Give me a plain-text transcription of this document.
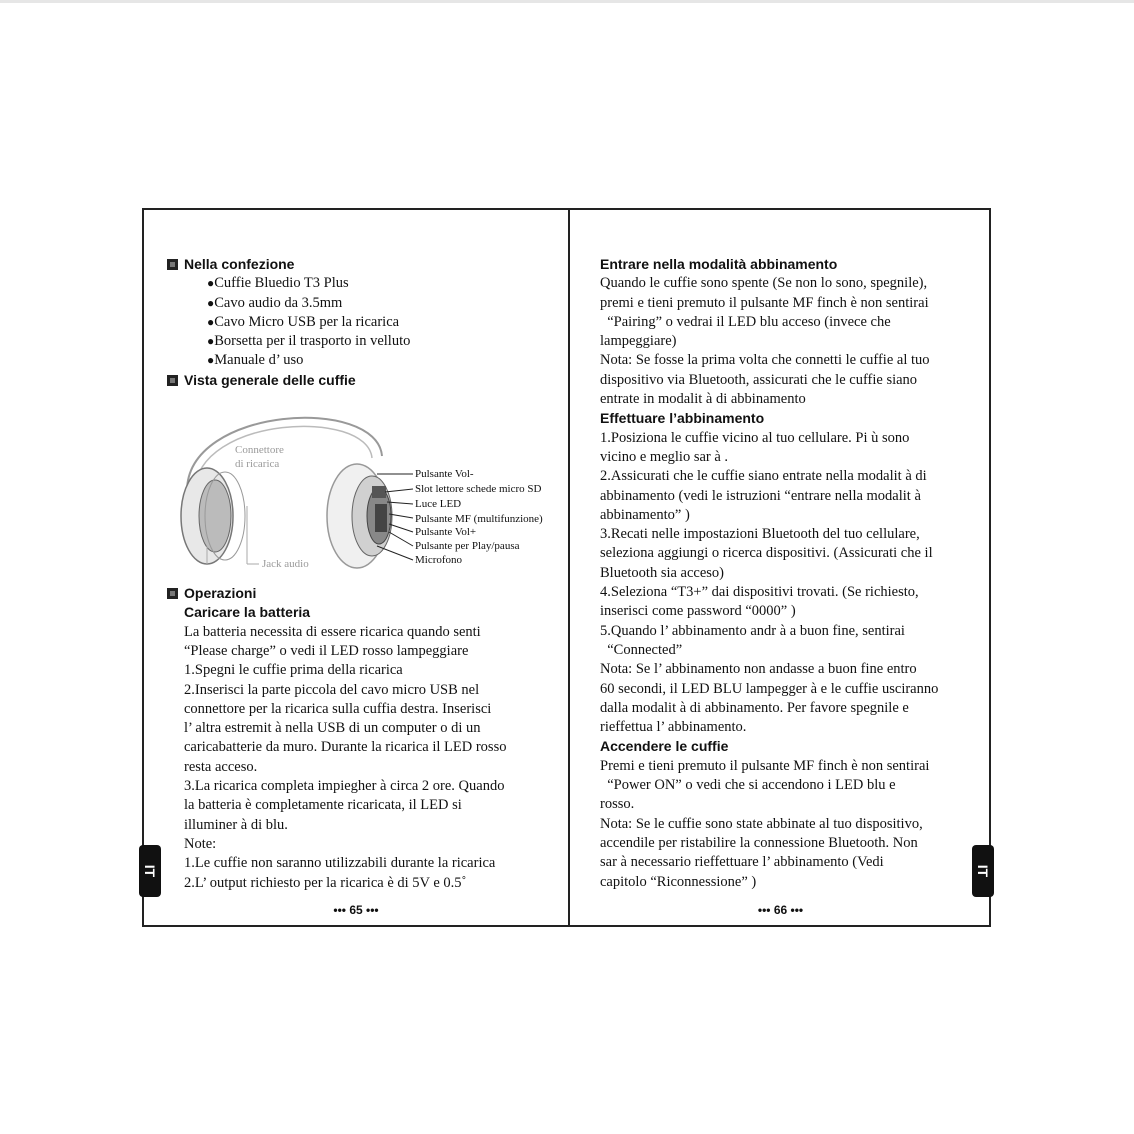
Nella confezione
●Cuffie Bluedio T3 Plus
●Cavo audio da 3.5mm
●Cavo Micro USB per la ricarica
●Borsetta per il trasporto in velluto
●Manuale d’ uso
Vista generale delle cuffie
Connettore
di ricarica
Jack audio
Pulsante Vol-
Slot lettore schede micro SD
Luce LED
Pulsante MF (multifunzione)
Pulsante Vol+
Pulsante per Play/pausa
Microfono
Operazioni
Caricare la batteria
La batteria necessita di essere ricarica quando senti
“Please charge” o vedi il LED rosso lampeggiare
1.Spegni le cuffie prima della ricarica
2.Inserisci la parte piccola del cavo micro USB nel
connettore per la ricarica sulla cuffia destra. Inserisci
l’ altra estremit à nella USB di un computer o di un
caricabatterie da muro. Durante la ricarica il LED rosso
resta acceso.
3.La ricarica completa impiegher à circa 2 ore. Quando
la batteria è completamente ricaricata, il LED si
illuminer à di blu.
Note:
1.Le cuffie non saranno utilizzabili durante la ricarica
2.L’ output richiesto per la ricarica è di 5V e 0.5˚
••• 65 •••
Entrare nella modalità abbinamento
Quando le cuffie sono spente (Se non lo sono, spegnile),
premi e tieni premuto il pulsante MF finch è non sentirai
“Pairing” o vedrai il LED blu acceso (invece che
lampeggiare)
Nota: Se fosse la prima volta che connetti le cuffie al tuo
dispositivo via Bluetooth, assicurati che le cuffie siano
entrate in modalit à di abbinamento
Effettuare l’abbinamento
1.Posiziona le cuffie vicino al tuo cellulare. Pi ù sono
vicino e meglio sar à .
2.Assicurati che le cuffie siano entrate nella modalit à di
abbinamento (vedi le istruzioni “entrare nella modalit à
abbinamento” )
3.Recati nelle impostazioni Bluetooth del tuo cellulare,
seleziona aggiungi o ricerca dispositivi. (Assicurati che il
Bluetooth sia acceso)
4.Seleziona “T3+” dai dispositivi trovati. (Se richiesto,
inserisci come password “0000” )
5.Quando l’ abbinamento andr à a buon fine, sentirai
“Connected”
Nota: Se l’ abbinamento non andasse a buon fine entro
60 secondi, il LED BLU lampegger à e le cuffie usciranno
dalla modalit à di abbinamento. Per favore spegnile e
rieffettua l’ abbinamento.
Accendere le cuffie
Premi e tieni premuto il pulsante MF finch è non sentirai
“Power ON” o vedi che si accendono i LED blu e
rosso.
Nota: Se le cuffie sono state abbinate al tuo dispositivo,
accendile per ristabilire la connessione Bluetooth. Non
sar à necessario rieffettuare l’ abbinamento (Vedi
capitolo “Riconnessione” )
••• 66 •••
IT	IT
